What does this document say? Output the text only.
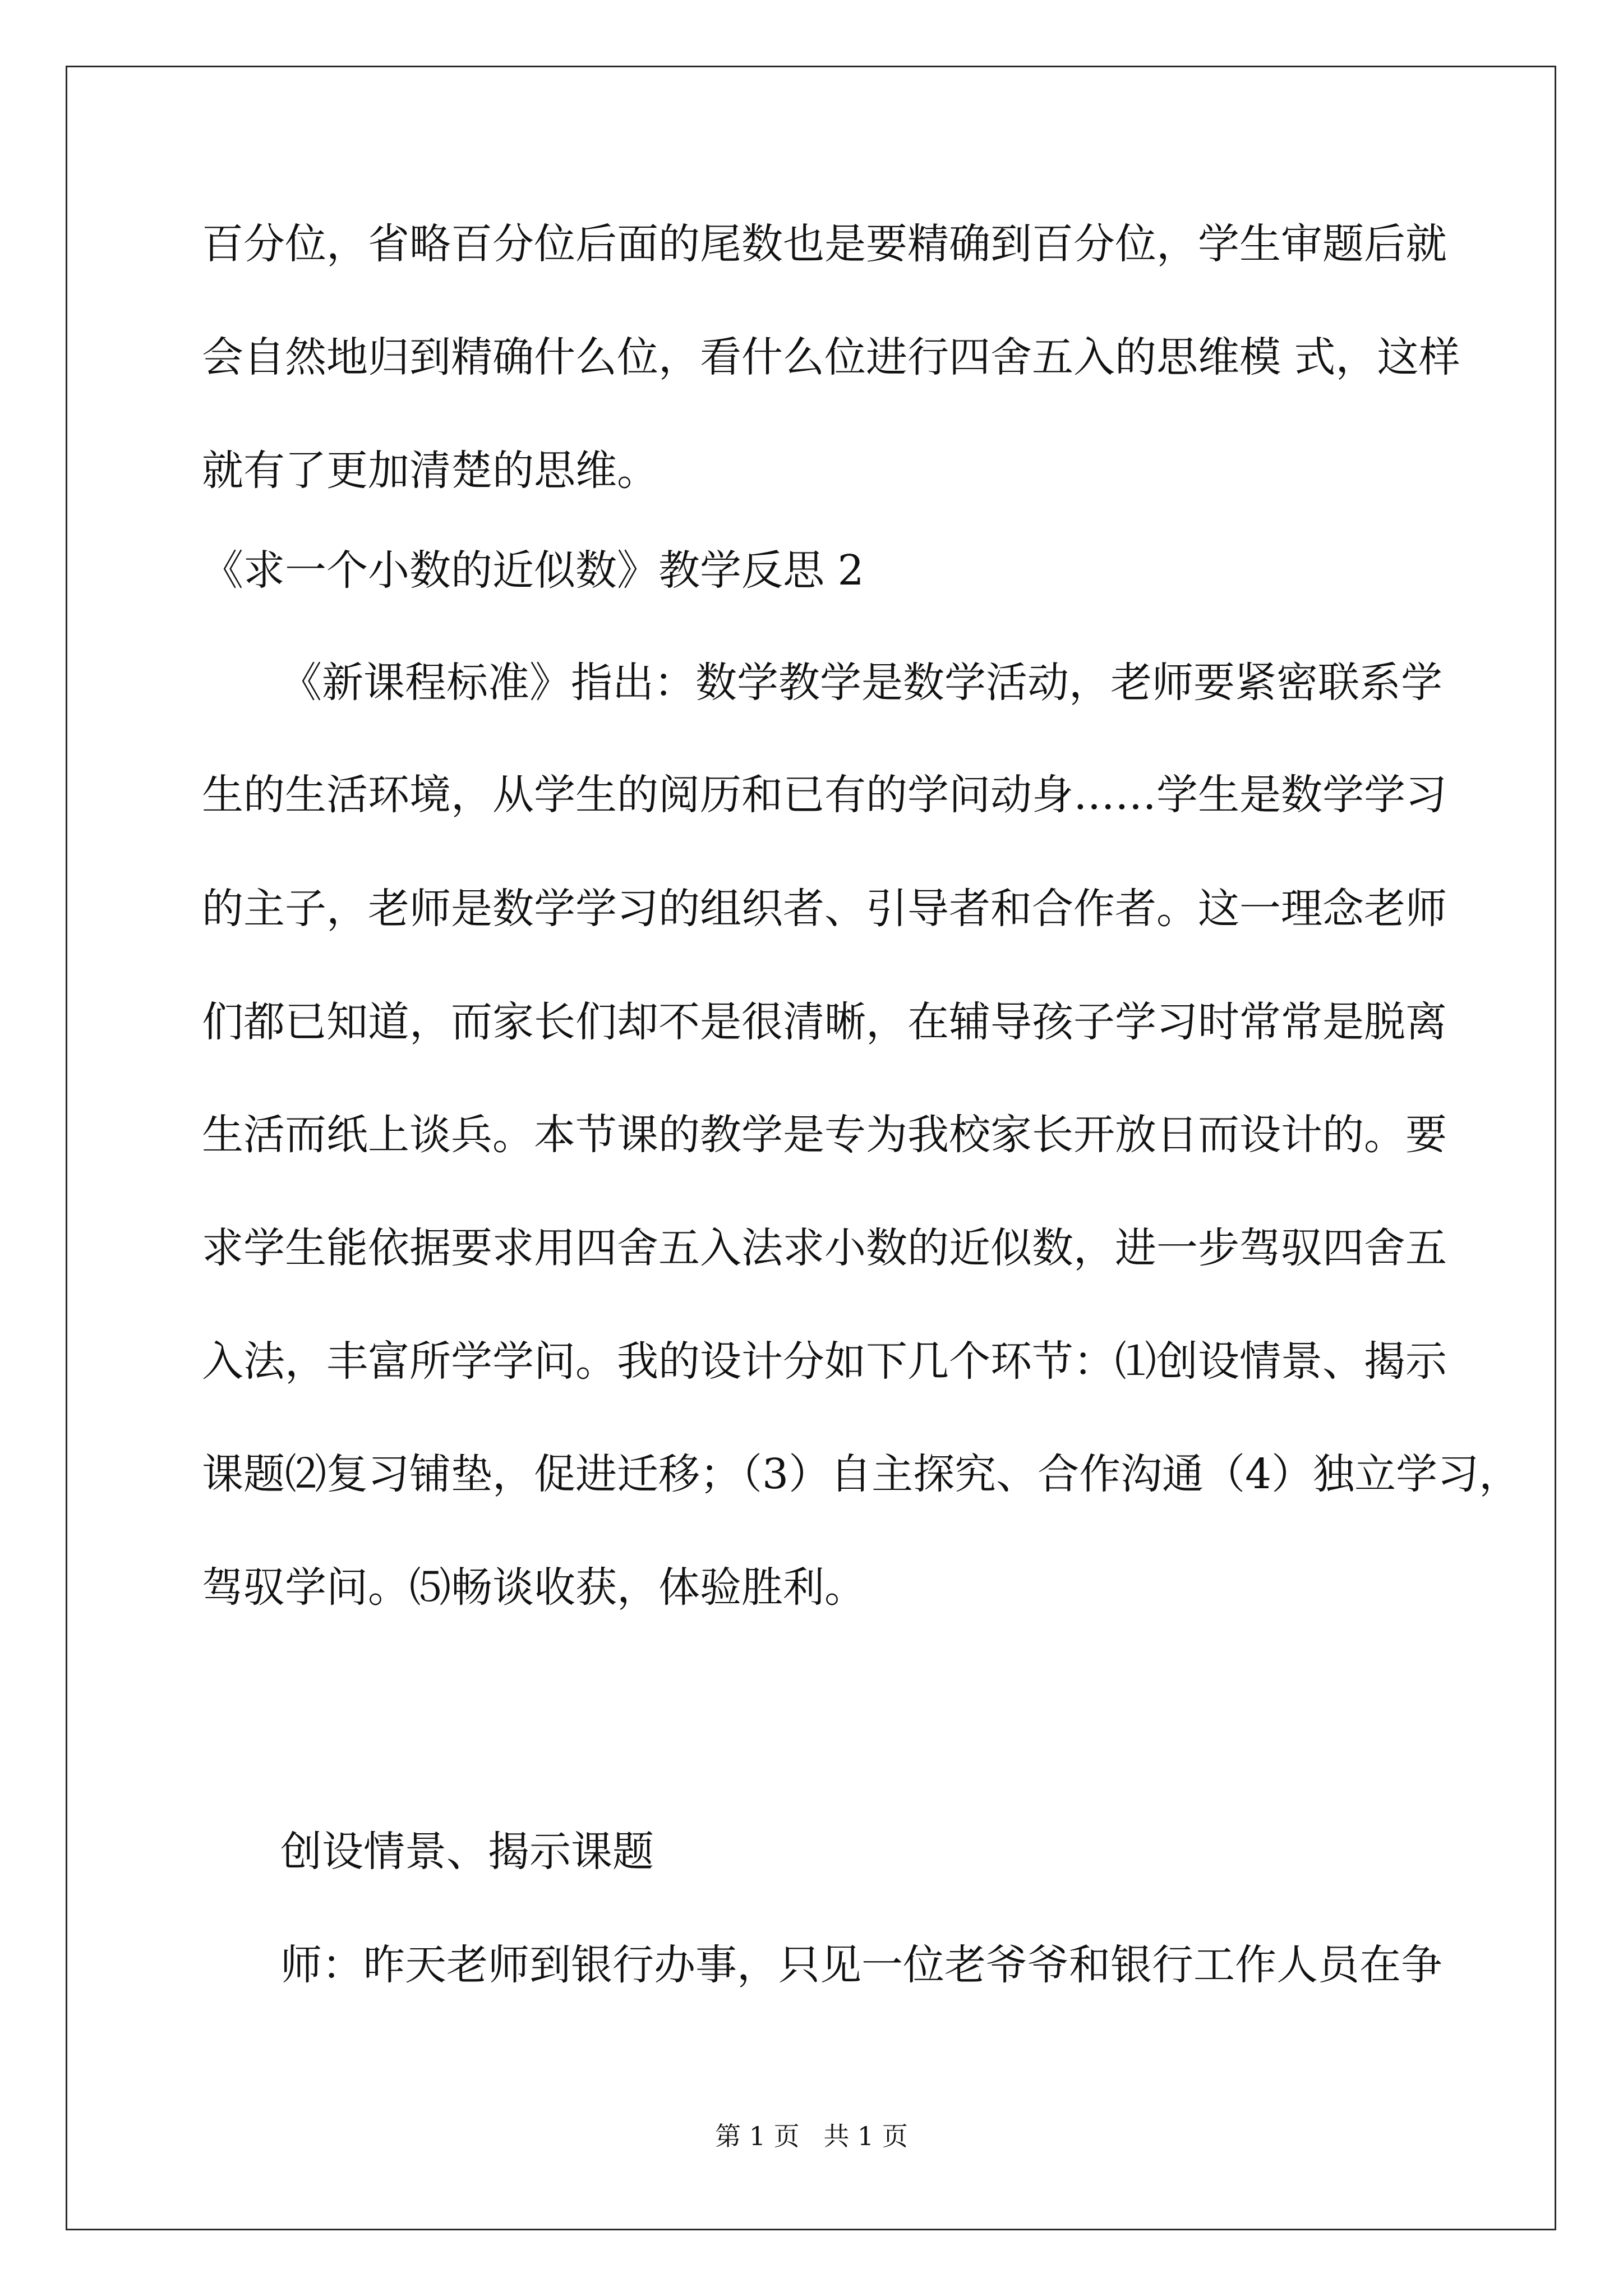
百分位，省略百分位后面的尾数也是要精确到百分位，学生审题后就
会自然地归到精确什么位，看什么位进行四舍五入的思维模 式，这样
就有了更加清楚的思维。
《求一个小数的近似数》教学反思 2
《新课程标准》指出：数学教学是数学活动，老师要紧密联系学
生的生活环境，从学生的阅历和已有的学问动身……学生是数学学习
的主子，老师是数学学习的组织者、引导者和合作者。这一理念老师
们都已知道，而家长们却不是很清晰，在辅导孩子学习时常常是脱离
生活而纸上谈兵。本节课的教学是专为我校家长开放日而设计的。要
求学生能依据要求用四舍五入法求小数的近似数，进一步驾驭四舍五
入法，丰富所学学问。我的设计分如下几个环节：⑴创设情景、揭示
课题⑵复习铺垫，促进迁移；（3）自主探究、合作沟通（4）独立学习，
驾驭学问。⑸畅谈收获，体验胜利。
创设情景、揭示课题
师：昨天老师到银行办事，只见一位老爷爷和银行工作人员在争
第 1 页 共 1 页
